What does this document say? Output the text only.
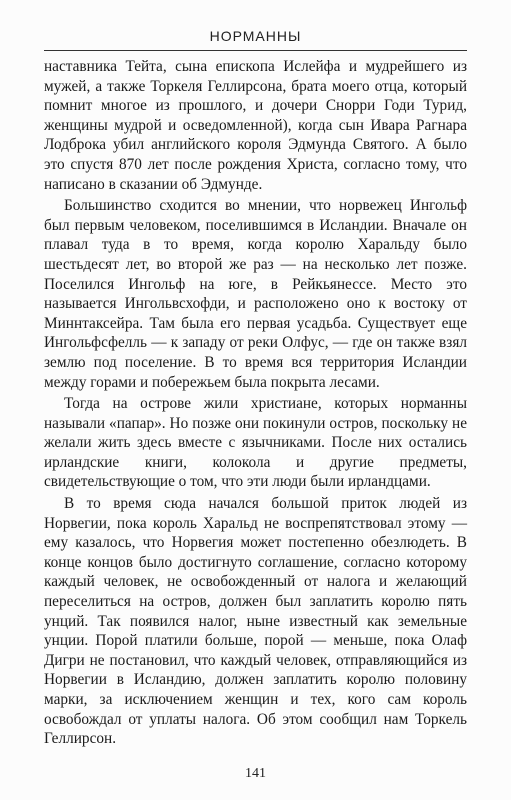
НОРМАННЫ

наставника Тейта, сына епископа Ислейфа и мудрейшего из мужей, а также Торкеля Геллирсона, брата моего отца, который помнит многое из прошлого, и дочери Снорри Годи Турид, женщины мудрой и осведомленной), когда сын Ивара Рагнара Лодброка убил английского короля Эдмунда Святого. А было это спустя 870 лет после рождения Христа, согласно тому, что написано в сказании об Эдмунде.

Большинство сходится во мнении, что норвежец Ингольф был первым человеком, поселившимся в Исландии. Вначале он плавал туда в то время, когда королю Харальду было шестьдесят лет, во второй же раз — на несколько лет позже. Поселился Ингольф на юге, в Рейкьянессе. Место это называется Ингольвсхофди, и расположено оно к востоку от Миннтаксейра. Там была его первая усадьба. Существует еще Ингольфсфелль — к западу от реки Олфус, — где он также взял землю под поселение. В то время вся территория Исландии между горами и побережьем была покрыта лесами.

Тогда на острове жили христиане, которых норманны называли «папар». Но позже они покинули остров, поскольку не желали жить здесь вместе с язычниками. После них остались ирландские книги, колокола и другие предметы, свидетельствующие о том, что эти люди были ирландцами.

В то время сюда начался большой приток людей из Норвегии, пока король Харальд не воспрепятствовал этому — ему казалось, что Норвегия может постепенно обезлюдеть. В конце концов было достигнуто соглашение, согласно которому каждый человек, не освобожденный от налога и желающий переселиться на остров, должен был заплатить королю пять унций. Так появился налог, ныне известный как земельные унции. Порой платили больше, порой — меньше, пока Олаф Дигри не постановил, что каждый человек, отправляющийся из Норвегии в Исландию, должен заплатить королю половину марки, за исключением женщин и тех, кого сам король освобождал от уплаты налога. Об этом сообщил нам Торкель Геллирсон.

141
